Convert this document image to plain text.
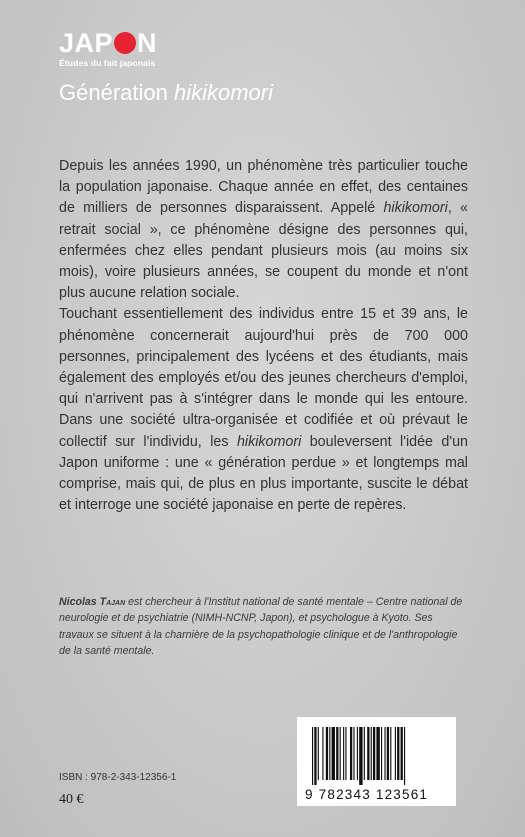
JAP N
Études du fait japonais
Génération hikikomori

Depuis les années 1990, un phénomène très particulier touche la population japonaise. Chaque année en effet, des centaines de milliers de personnes disparaissent. Appelé hikikomori, « retrait social », ce phénomène désigne des personnes qui, enfermées chez elles pendant plusieurs mois (au moins six mois), voire plusieurs années, se coupent du monde et n'ont plus aucune relation sociale.

Touchant essentiellement des individus entre 15 et 39 ans, le phénomène concernerait aujourd'hui près de 700 000 personnes, principalement des lycéens et des étudiants, mais également des employés et/ou des jeunes chercheurs d'emploi, qui n'arrivent pas à s'intégrer dans le monde qui les entoure. Dans une société ultra-organisée et codifiée et où prévaut le collectif sur l'individu, les hikikomori bouleversent l'idée d'un Japon uniforme : une « génération perdue » et longtemps mal comprise, mais qui, de plus en plus importante, suscite le débat et interroge une société japonaise en perte de repères.

Nicolas Tajan est chercheur à l'Institut national de santé mentale – Centre national de neurologie et de psychiatrie (NIMH-NCNP, Japon), et psychologue à Kyoto. Ses travaux se situent à la charnière de la psychopathologie clinique et de l'anthropologie de la santé mentale.
9 782343 123561
ISBN : 978-2-343-12356-1
40 €
